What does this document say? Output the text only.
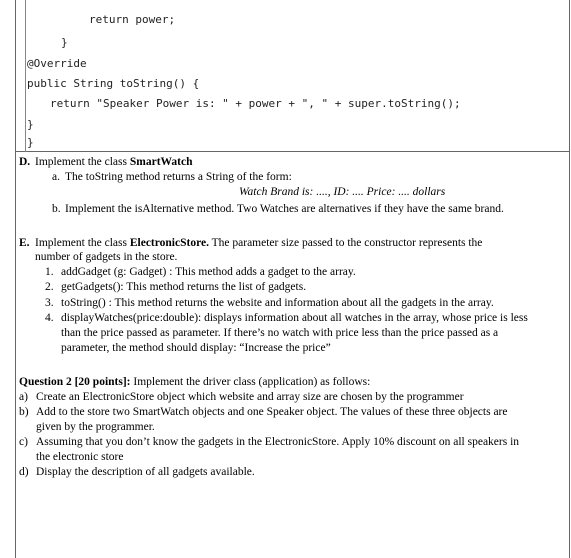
return power;
}
@Override
public String toString() {
return "Speaker Power is: " + power + ", " + super.toString();
}
}
D. Implement the class SmartWatch
a. The toString method returns a String of the form:
Watch Brand is: ...., ID: .... Price: .... dollars
b. Implement the isAlternative method. Two Watches are alternatives if they have the same brand.
E. Implement the class ElectronicStore. The parameter size passed to the constructor represents the
number of gadgets in the store.
1. addGadget (g: Gadget) : This method adds a gadget to the array.
2. getGadgets(): This method returns the list of gadgets.
3. toString() : This method returns the website and information about all the gadgets in the array.
4. displayWatches(price:double): displays information about all watches in the array, whose price is less
than the price passed as parameter. If there’s no watch with price less than the price passed as a
parameter, the method should display: “Increase the price”
Question 2 [20 points]: Implement the driver class (application) as follows:
a) Create an ElectronicStore object which website and array size are chosen by the programmer
b) Add to the store two SmartWatch objects and one Speaker object. The values of these three objects are
given by the programmer.
c) Assuming that you don’t know the gadgets in the ElectronicStore. Apply 10% discount on all speakers in
the electronic store
d) Display the description of all gadgets available.
